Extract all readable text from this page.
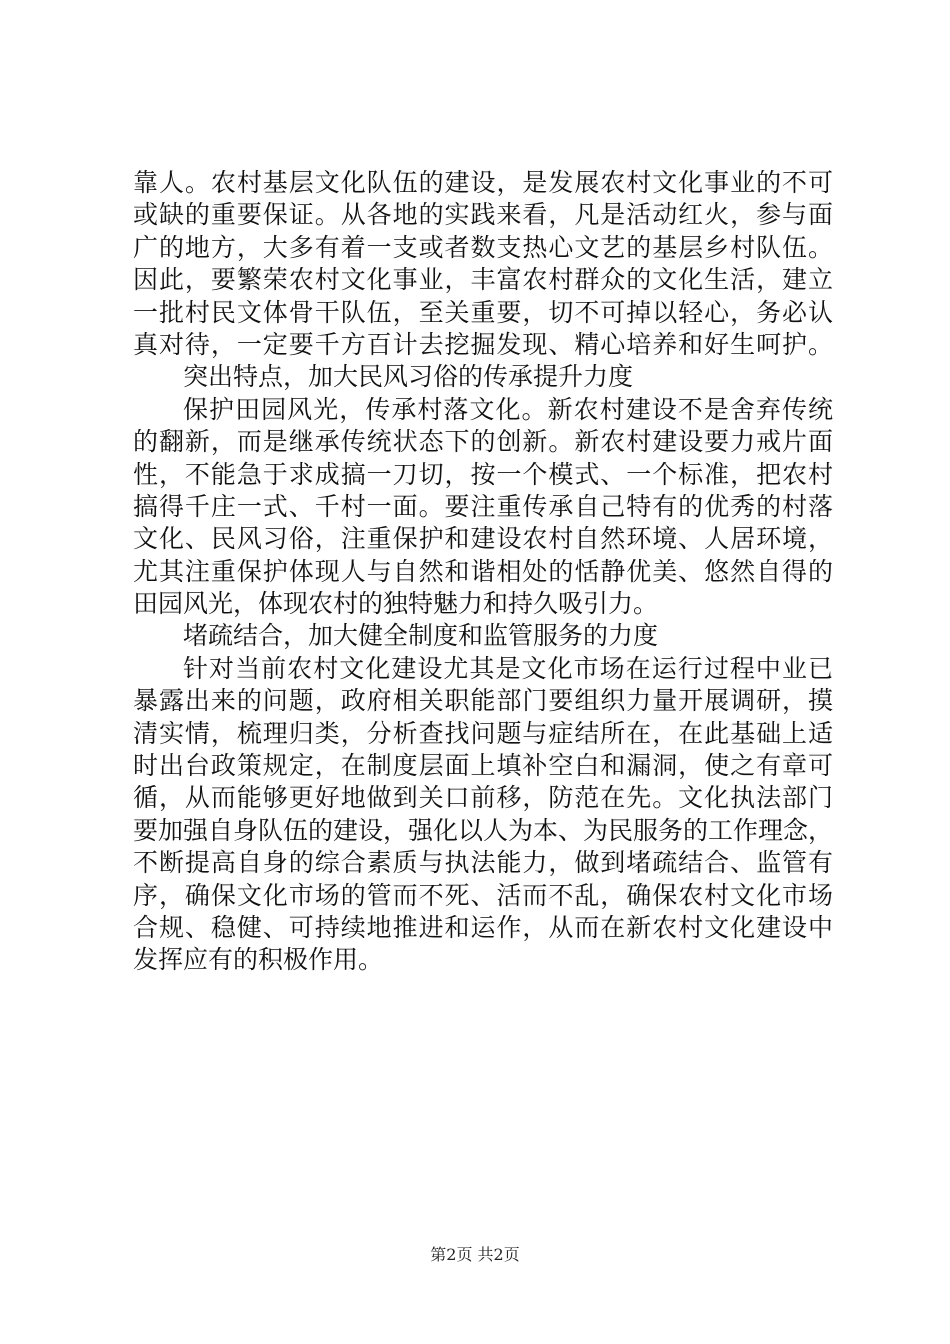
靠人。农村基层文化队伍的建设，是发展农村文化事业的不可
或缺的重要保证。从各地的实践来看，凡是活动红火，参与面
广的地方，大多有着一支或者数支热心文艺的基层乡村队伍。
因此，要繁荣农村文化事业，丰富农村群众的文化生活，建立
一批村民文体骨干队伍，至关重要，切不可掉以轻心，务必认
真对待，一定要千方百计去挖掘发现、精心培养和好生呵护。
突出特点，加大民风习俗的传承提升力度
保护田园风光，传承村落文化。新农村建设不是舍弃传统
的翻新，而是继承传统状态下的创新。新农村建设要力戒片面
性，不能急于求成搞一刀切，按一个模式、一个标准，把农村
搞得千庄一式、千村一面。要注重传承自己特有的优秀的村落
文化、民风习俗，注重保护和建设农村自然环境、人居环境，
尤其注重保护体现人与自然和谐相处的恬静优美、悠然自得的
田园风光，体现农村的独特魅力和持久吸引力。
堵疏结合，加大健全制度和监管服务的力度
针对当前农村文化建设尤其是文化市场在运行过程中业已
暴露出来的问题，政府相关职能部门要组织力量开展调研，摸
清实情，梳理归类，分析查找问题与症结所在，在此基础上适
时出台政策规定，在制度层面上填补空白和漏洞，使之有章可
循，从而能够更好地做到关口前移，防范在先。文化执法部门
要加强自身队伍的建设，强化以人为本、为民服务的工作理念，
不断提高自身的综合素质与执法能力，做到堵疏结合、监管有
序，确保文化市场的管而不死、活而不乱，确保农村文化市场
合规、稳健、可持续地推进和运作，从而在新农村文化建设中
发挥应有的积极作用。
第2页 共2页
